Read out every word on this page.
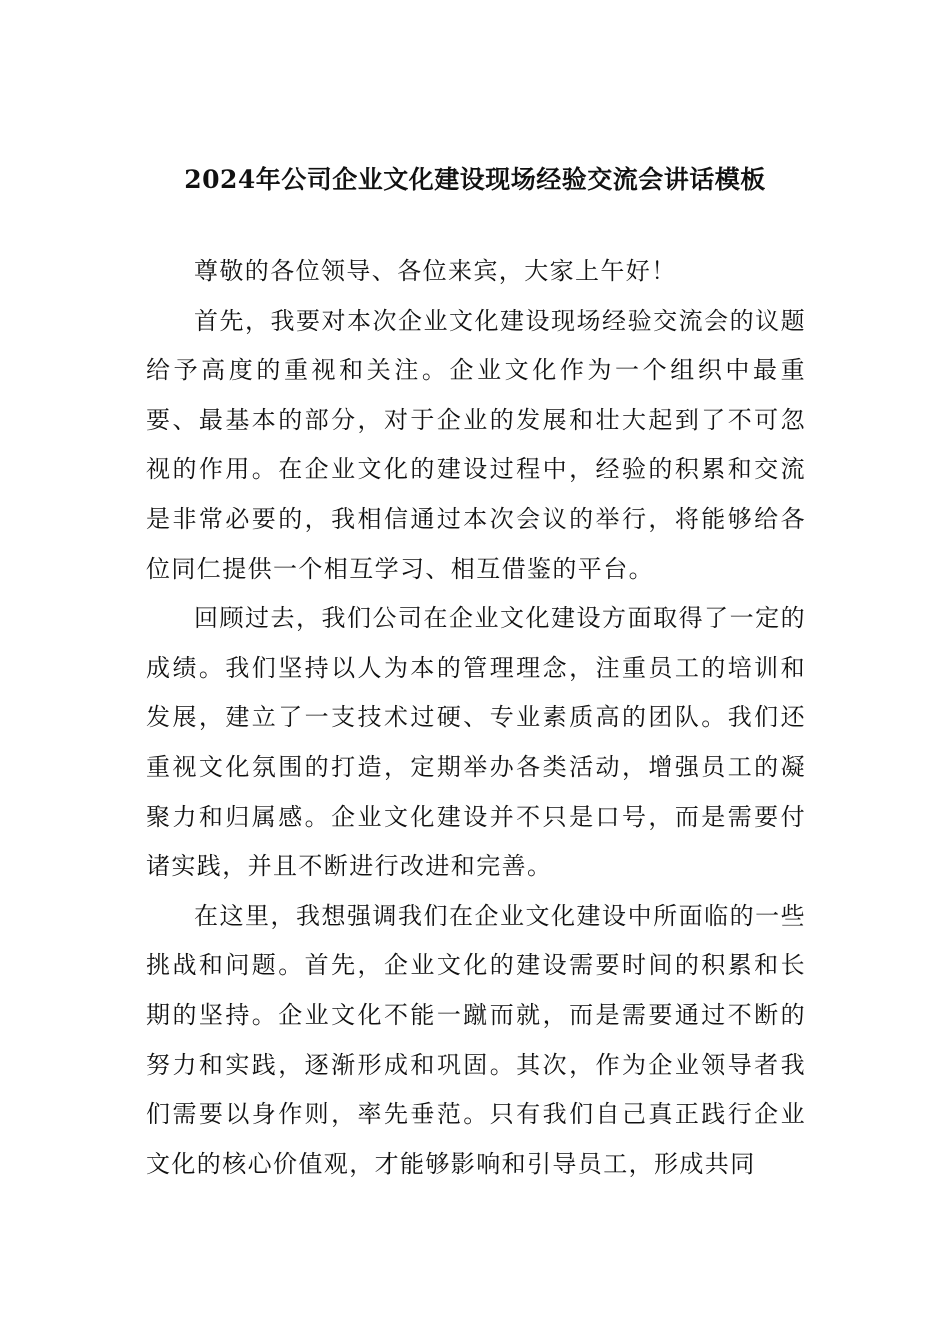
2024年公司企业文化建设现场经验交流会讲话模板

尊敬的各位领导、各位来宾，大家上午好！

首先，我要对本次企业文化建设现场经验交流会的议题给予高度的重视和关注。企业文化作为一个组织中最重要、最基本的部分，对于企业的发展和壮大起到了不可忽视的作用。在企业文化的建设过程中，经验的积累和交流是非常必要的，我相信通过本次会议的举行，将能够给各位同仁提供一个相互学习、相互借鉴的平台。

回顾过去，我们公司在企业文化建设方面取得了一定的成绩。我们坚持以人为本的管理理念，注重员工的培训和发展，建立了一支技术过硬、专业素质高的团队。我们还重视文化氛围的打造，定期举办各类活动，增强员工的凝聚力和归属感。企业文化建设并不只是口号，而是需要付诸实践，并且不断进行改进和完善。

在这里，我想强调我们在企业文化建设中所面临的一些挑战和问题。首先，企业文化的建设需要时间的积累和长期的坚持。企业文化不能一蹴而就，而是需要通过不断的努力和实践，逐渐形成和巩固。其次，作为企业领导者我们需要以身作则，率先垂范。只有我们自己真正践行企业文化的核心价值观，才能够影响和引导员工，形成共同
